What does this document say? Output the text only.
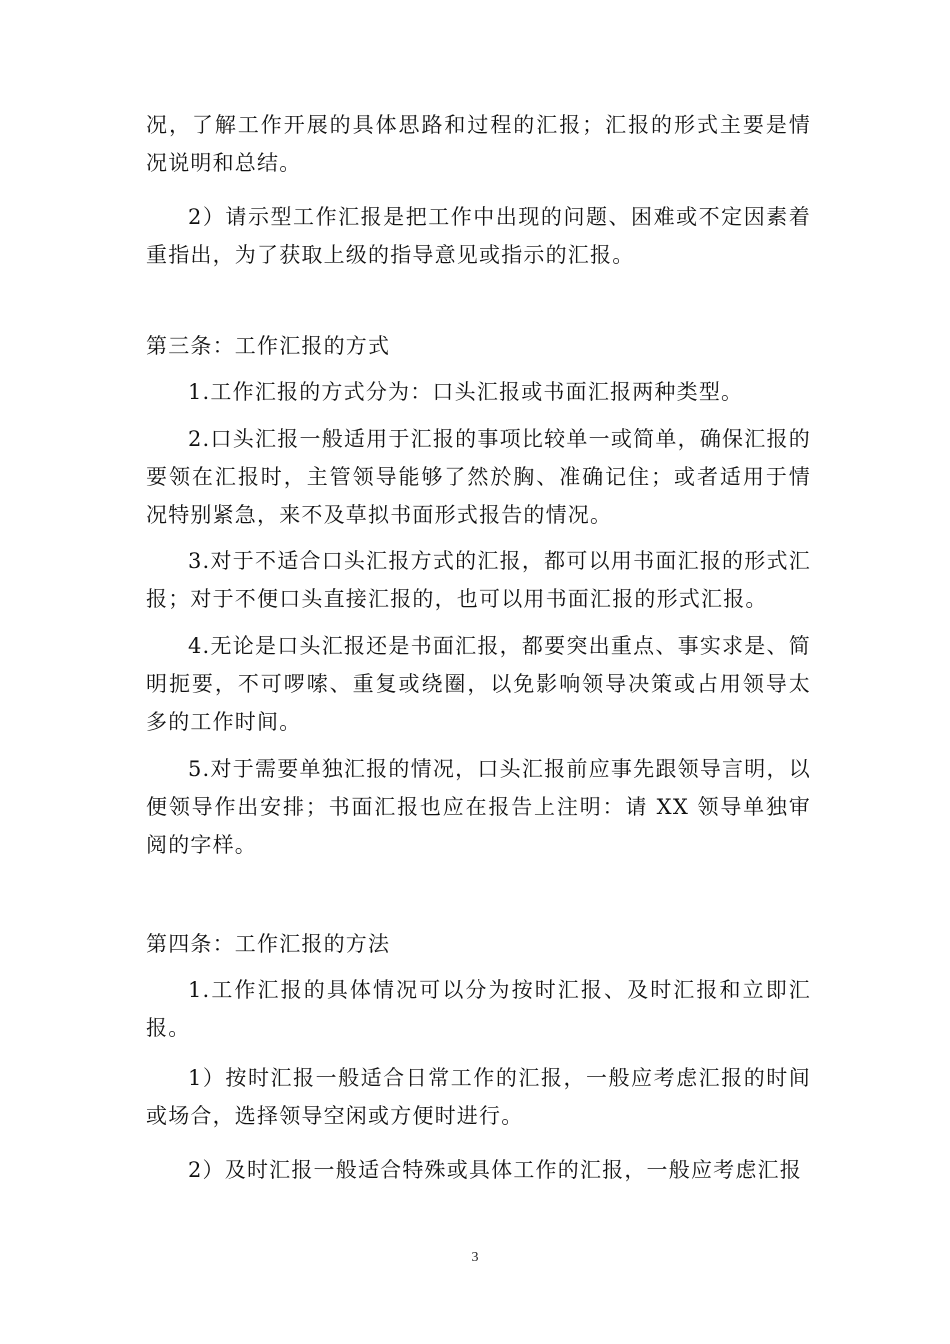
况，了解工作开展的具体思路和过程的汇报；汇报的形式主要是情况说明和总结。

2）请示型工作汇报是把工作中出现的问题、困难或不定因素着重指出，为了获取上级的指导意见或指示的汇报。

第三条：工作汇报的方式

1.工作汇报的方式分为：口头汇报或书面汇报两种类型。

2.口头汇报一般适用于汇报的事项比较单一或简单，确保汇报的要领在汇报时，主管领导能够了然於胸、准确记住；或者适用于情况特别紧急，来不及草拟书面形式报告的情况。

3.对于不适合口头汇报方式的汇报，都可以用书面汇报的形式汇报；对于不便口头直接汇报的，也可以用书面汇报的形式汇报。

4.无论是口头汇报还是书面汇报，都要突出重点、事实求是、简明扼要，不可啰嗦、重复或绕圈，以免影响领导决策或占用领导太多的工作时间。

5.对于需要单独汇报的情况，口头汇报前应事先跟领导言明，以便领导作出安排；书面汇报也应在报告上注明：请 XX 领导单独审阅的字样。

第四条：工作汇报的方法

1.工作汇报的具体情况可以分为按时汇报、及时汇报和立即汇报。

1）按时汇报一般适合日常工作的汇报，一般应考虑汇报的时间或场合，选择领导空闲或方便时进行。

2）及时汇报一般适合特殊或具体工作的汇报，一般应考虑汇报

3
